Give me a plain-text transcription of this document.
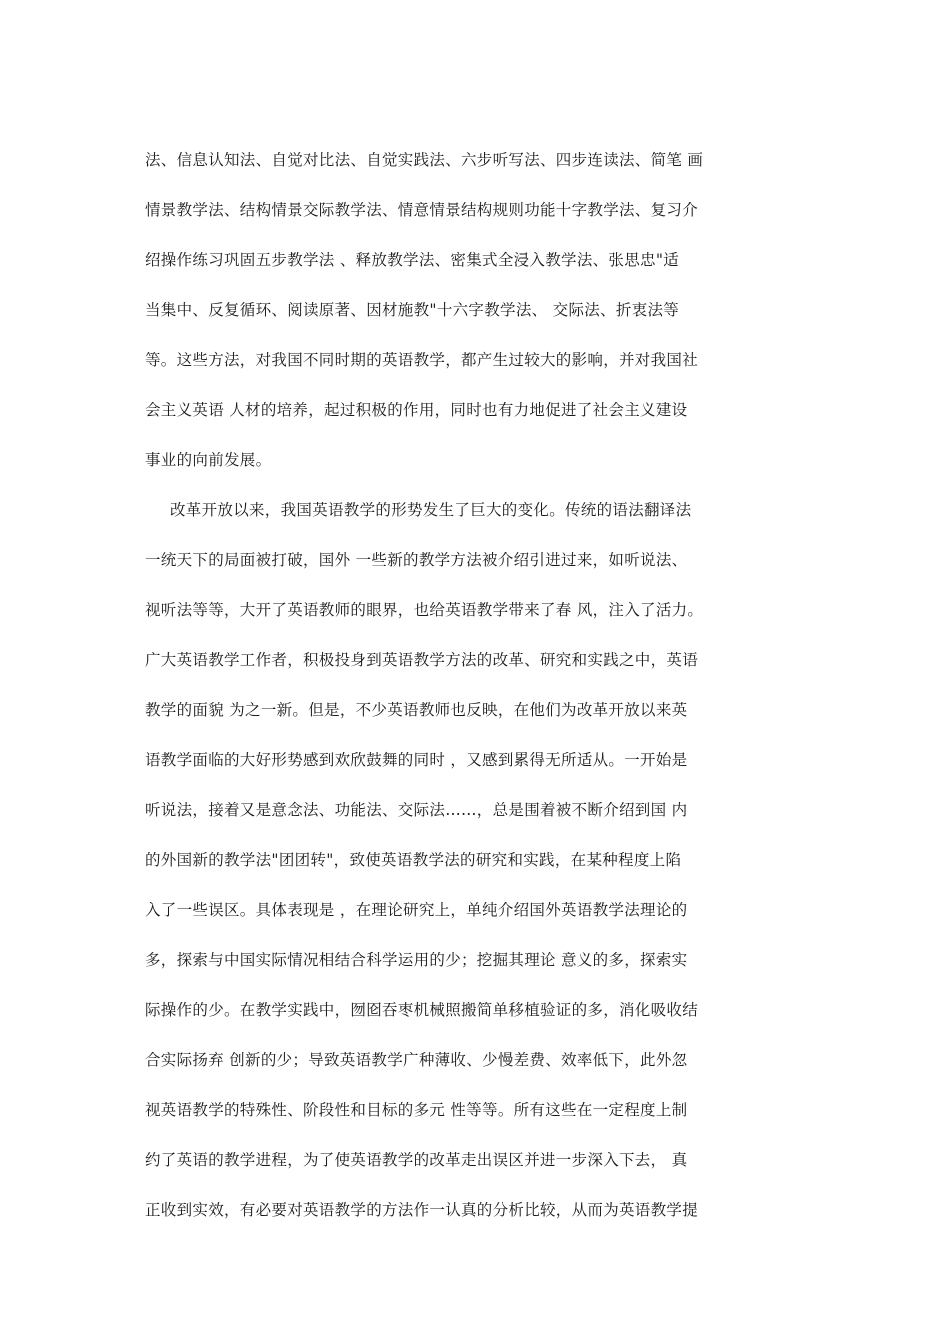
法、信息认知法、自觉对比法、自觉实践法、六步听写法、四步连读法、简笔 画
情景教学法、结构情景交际教学法、情意情景结构规则功能十字教学法、复习介
绍操作练习巩固五步教学法 、释放教学法、密集式全浸入教学法、张思忠"适
当集中、反复循环、阅读原著、因材施教"十六字教学法、 交际法、折衷法等
等。这些方法，对我国不同时期的英语教学，都产生过较大的影响，并对我国社
会主义英语 人材的培养，起过积极的作用，同时也有力地促进了社会主义建设
事业的向前发展。
改革开放以来，我国英语教学的形势发生了巨大的变化。传统的语法翻译法
一统天下的局面被打破，国外 一些新的教学方法被介绍引进过来，如听说法、
视听法等等，大开了英语教师的眼界，也给英语教学带来了春 风，注入了活力。
广大英语教学工作者，积极投身到英语教学方法的改革、研究和实践之中，英语
教学的面貌 为之一新。但是，不少英语教师也反映，在他们为改革开放以来英
语教学面临的大好形势感到欢欣鼓舞的同时 ，又感到累得无所适从。一开始是
听说法，接着又是意念法、功能法、交际法……，总是围着被不断介绍到国 内
的外国新的教学法"团团转"，致使英语教学法的研究和实践，在某种程度上陷
入了一些误区。具体表现是 ，在理论研究上，单纯介绍国外英语教学法理论的
多，探索与中国实际情况相结合科学运用的少；挖掘其理论 意义的多，探索实
际操作的少。在教学实践中，囫囵吞枣机械照搬简单移植验证的多，消化吸收结
合实际扬弃 创新的少；导致英语教学广种薄收、少慢差费、效率低下，此外忽
视英语教学的特殊性、阶段性和目标的多元 性等等。所有这些在一定程度上制
约了英语的教学进程，为了使英语教学的改革走出误区并进一步深入下去， 真
正收到实效，有必要对英语教学的方法作一认真的分析比较，从而为英语教学提
